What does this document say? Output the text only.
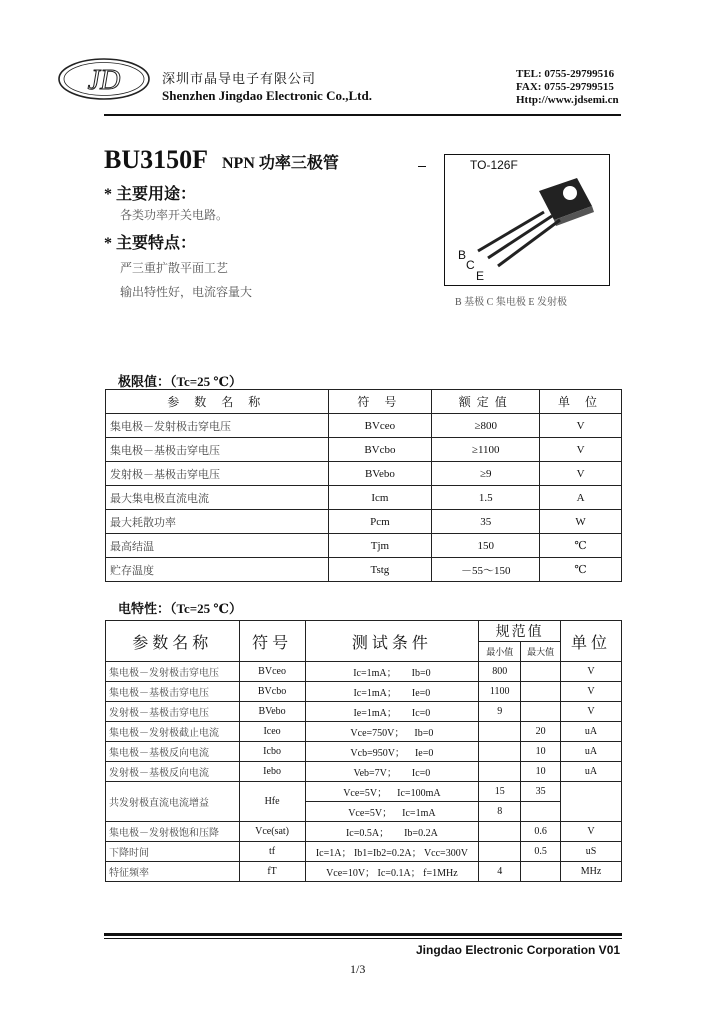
JD	深圳市晶导电子有限公司
Shenzhen Jingdao Electronic Co.,Ltd.
TEL: 0755-29799516
FAX: 0755-29799515
Http://www.jdsemi.cn
BU3150F NPN 功率三极管
* 主要用途：
各类功率开关电路。
* 主要特点：
严三重扩散平面工艺
输出特性好，电流容量大
TO-126F
B
C
E
B 基极 C 集电极 E 发射极
极限值：（Tc=25 ℃）
参 数 名 称	符 号	额定值	单 位
集电极－发射极击穿电压	BVceo	≥800	V
集电极－基极击穿电压	BVcbo	≥1100	V
发射极－基极击穿电压	BVebo	≥9	V
最大集电极直流电流	Icm	1.5	A
最大耗散功率	Pcm	35	W
最高结温	Tjm	150	℃
贮存温度	Tstg	－55～150	℃
电特性：（Tc=25 ℃）
参数名称	符号	测试条件	规范值		单位
			最小值	最大值	
集电极－发射极击穿电压	BVceo	Ic=1mA； Ib=0	800		V
集电极－基极击穿电压	BVcbo	Ic=1mA； Ie=0	1100		V
发射极－基极击穿电压	BVebo	Ie=1mA； Ic=0	9		V
集电极－发射极截止电流	Iceo	Vce=750V； Ib=0		20	uA
集电极－基极反向电流	Icbo	Vcb=950V； Ie=0		10	uA
发射极－基极反向电流	Iebo	Veb=7V； Ic=0		10	uA
共发射极直流电流增益	Hfe	Vce=5V； Ic=100mA	15	35	
		Vce=5V； Ic=1mA	8		
集电极－发射极饱和压降	Vce(sat)	Ic=0.5A；      Ib=0.2A		0.6	V
下降时间	tf	Ic=1A； Ib1=Ib2=0.2A； Vcc=300V		0.5	uS
特征频率	fT	Vce=10V； Ic=0.1A； f=1MHz	4		MHz
Jingdao Electronic Corporation V01
1/3
